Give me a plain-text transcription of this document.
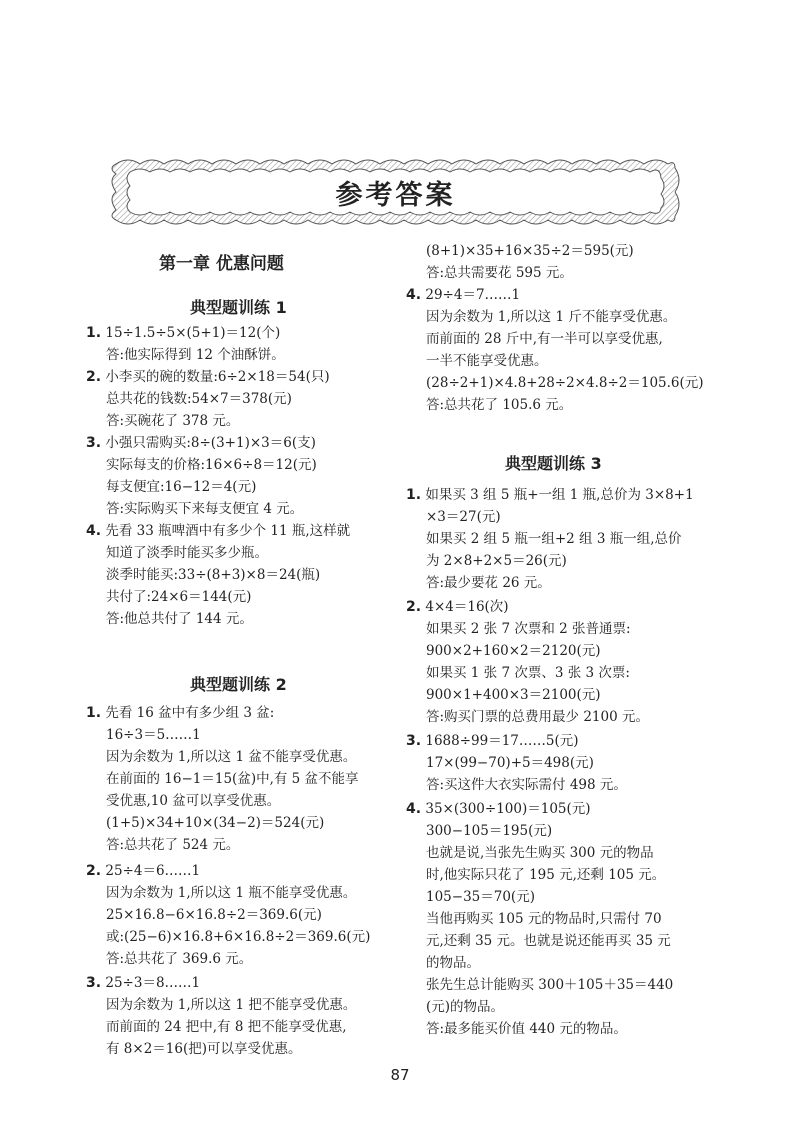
参考答案
第一章 优惠问题
典型题训练 1
1. 15÷1.5÷5×(5+1)＝12(个)
答:他实际得到 12 个油酥饼。
2. 小李买的碗的数量:6÷2×18＝54(只)
总共花的钱数:54×7＝378(元)
答:买碗花了 378 元。
3. 小强只需购买:8÷(3+1)×3＝6(支)
实际每支的价格:16×6÷8＝12(元)
每支便宜:16−12＝4(元)
答:实际购买下来每支便宜 4 元。
4. 先看 33 瓶啤酒中有多少个 11 瓶,这样就
知道了淡季时能买多少瓶。
淡季时能买:33÷(8+3)×8＝24(瓶)
共付了:24×6＝144(元)
答:他总共付了 144 元。
典型题训练 2
1. 先看 16 盆中有多少组 3 盆:
16÷3＝5……1
因为余数为 1,所以这 1 盆不能享受优惠。
在前面的 16−1＝15(盆)中,有 5 盆不能享
受优惠,10 盆可以享受优惠。
(1+5)×34+10×(34−2)＝524(元)
答:总共花了 524 元。
2. 25÷4＝6……1
因为余数为 1,所以这 1 瓶不能享受优惠。
25×16.8−6×16.8÷2＝369.6(元)
或:(25−6)×16.8+6×16.8÷2＝369.6(元)
答:总共花了 369.6 元。
3. 25÷3＝8……1
因为余数为 1,所以这 1 把不能享受优惠。
而前面的 24 把中,有 8 把不能享受优惠,
有 8×2＝16(把)可以享受优惠。
(8+1)×35+16×35÷2＝595(元)
答:总共需要花 595 元。
4. 29÷4＝7……1
因为余数为 1,所以这 1 斤不能享受优惠。
而前面的 28 斤中,有一半可以享受优惠,
一半不能享受优惠。
(28÷2+1)×4.8+28÷2×4.8÷2＝105.6(元)
答:总共花了 105.6 元。
典型题训练 3
1. 如果买 3 组 5 瓶+一组 1 瓶,总价为 3×8+1
×3＝27(元)
如果买 2 组 5 瓶一组+2 组 3 瓶一组,总价
为 2×8+2×5＝26(元)
答:最少要花 26 元。
2. 4×4＝16(次)
如果买 2 张 7 次票和 2 张普通票:
900×2+160×2＝2120(元)
如果买 1 张 7 次票、3 张 3 次票:
900×1+400×3＝2100(元)
答:购买门票的总费用最少 2100 元。
3. 1688÷99＝17……5(元)
17×(99−70)+5＝498(元)
答:买这件大衣实际需付 498 元。
4. 35×(300÷100)＝105(元)
300−105＝195(元)
也就是说,当张先生购买 300 元的物品
时,他实际只花了 195 元,还剩 105 元。
105−35＝70(元)
当他再购买 105 元的物品时,只需付 70
元,还剩 35 元。也就是说还能再买 35 元
的物品。
张先生总计能购买 300＋105＋35＝440
(元)的物品。
答:最多能买价值 440 元的物品。
87
